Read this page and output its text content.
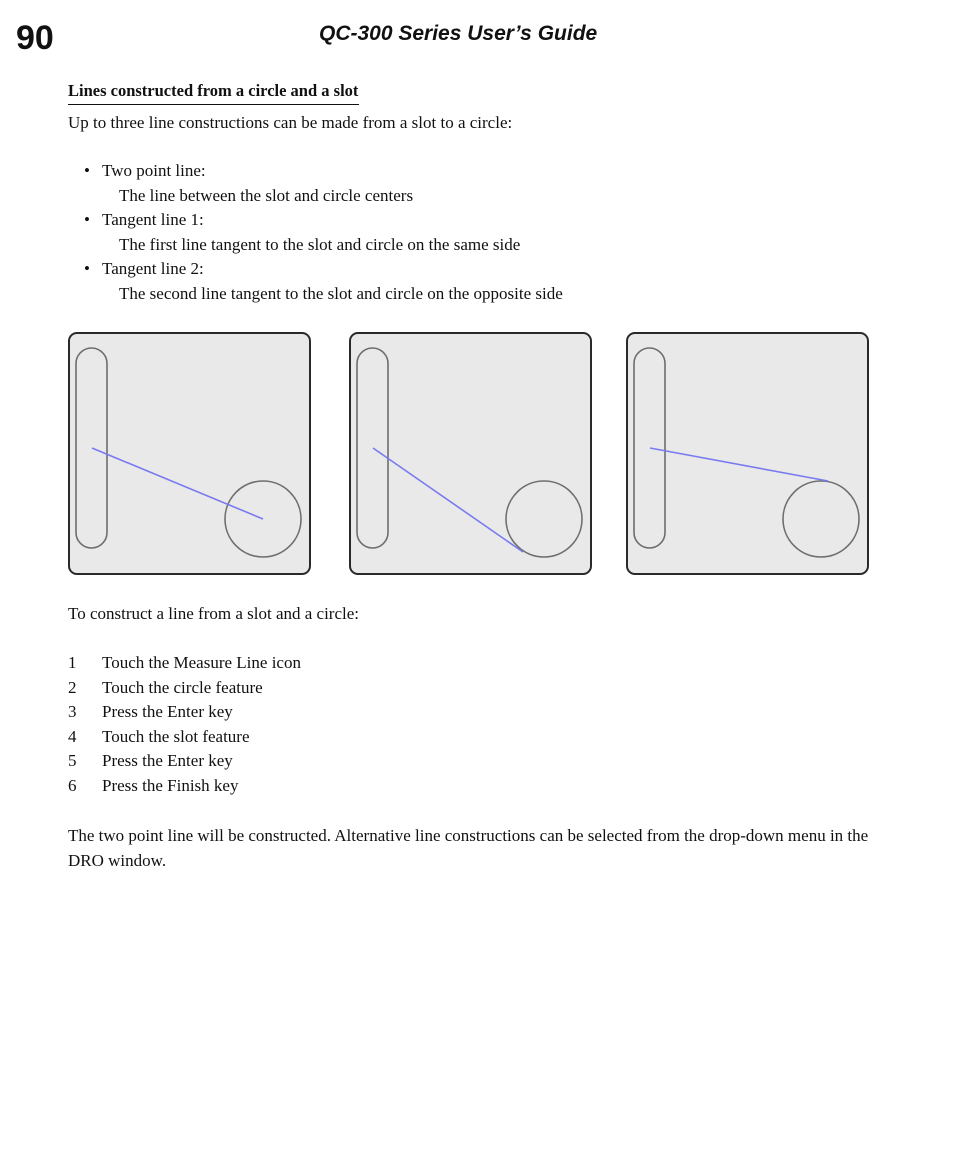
90	QC-300 Series User’s Guide
Lines constructed from a circle and a slot
Up to three line constructions can be made from a slot to a circle:
• Two point line:
The line between the slot and circle centers
• Tangent line 1:
The first line tangent to the slot and circle on the same side
• Tangent line 2:
The second line tangent to the slot and circle on the opposite side
To construct a line from a slot and a circle:
1 Touch the Measure Line icon
2 Touch the circle feature
3 Press the Enter key
4 Touch the slot feature
5 Press the Enter key
6 Press the Finish key
The two point line will be constructed. Alternative line constructions can be selected from the drop-down menu in the DRO window.
